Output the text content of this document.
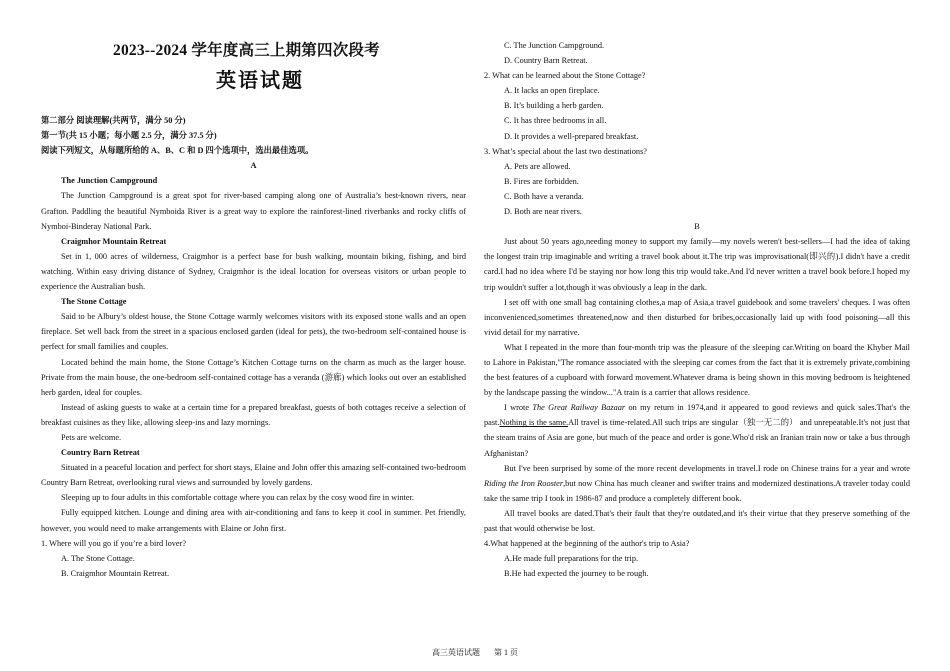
2023--2024 学年度高三上期第四次段考
英语试题

第二部分 阅读理解(共两节，满分 50 分)

第一节(共 15 小题；每小题 2.5 分，满分 37.5 分)

阅读下列短文，从每题所给的 A、B、C 和 D 四个选项中，选出最佳选项。

A

The Junction Campground

The Junction Campground is a great spot for river-based camping along one of Australia’s best-known rivers, near Grafton. Paddling the beautiful Nymboida River is a great way to explore the rainforest-lined riverbanks and rocky cliffs of Nymboi-Binderay National Park.

Craigmhor Mountain Retreat

Set in 1, 000 acres of wilderness, Craigmhor is a perfect base for bush walking, mountain biking, fishing, and bird watching. Within easy driving distance of Sydney, Craigmhor is the ideal location for overseas visitors or urban people to experience the Australian bush.

The Stone Cottage

Said to be Albury’s oldest house, the Stone Cottage warmly welcomes visitors with its exposed stone walls and an open fireplace. Set well back from the street in a spacious enclosed garden (ideal for pets), the two-bedroom self-contained house is perfect for small families and couples.

Located behind the main home, the Stone Cottage’s Kitchen Cottage turns on the charm as much as the larger house. Private from the main house, the one-bedroom self-contained cottage has a veranda (游廊) which looks out over an established herb garden, ideal for couples.

Instead of asking guests to wake at a certain time for a prepared breakfast, guests of both cottages receive a selection of breakfast cuisines as they like, allowing sleep-ins and lazy mornings.

Pets are welcome.

Country Barn Retreat

Situated in a peaceful location and perfect for short stays, Elaine and John offer this amazing self-contained two-bedroom Country Barn Retreat, overlooking rural views and surrounded by lovely gardens.

Sleeping up to four adults in this comfortable cottage where you can relax by the cosy wood fire in winter.

Fully equipped kitchen. Lounge and dining area with air-conditioning and fans to keep it cool in summer. Pet friendly, however, you would need to make arrangements with Elaine or John first.

1. Where will you go if you’re a bird lover?

A. The Stone Cottage.

B. Craigmhor Mountain Retreat.

C. The Junction Campground.

D. Country Barn Retreat.

2. What can be learned about the Stone Cottage?

A. It lacks an open fireplace.

B. It’s building a herb garden.

C. It has three bedrooms in all.

D. It provides a well-prepared breakfast.

3. What’s special about the last two destinations?

A. Pets are allowed.

B. Fires are forbidden.

C. Both have a veranda.

D. Both are near rivers.

B

Just about 50 years ago,needing money to support my family—my novels weren't best-sellers—I had the idea of taking the longest train trip imaginable and writing a travel book about it.The trip was improvisational(即兴的).I didn't have a credit card.I had no idea where I'd be staying nor how long this trip would take.And I'd never written a travel book before.I hoped my trip wouldn't suffer a lot,though it was obviously a leap in the dark.

I set off with one small bag containing clothes,a map of Asia,a travel guidebook and some travelers' cheques. I was often inconvenienced,sometimes threatened,now and then disturbed for bribes,occasionally laid up with food poisoning—all this vivid detail for my narrative.

What I repeated in the more than four-month trip was the pleasure of the sleeping car.Writing on board the Khyber Mail to Lahore in Pakistan,"The romance associated with the sleeping car comes from the fact that it is extremely private,combining the best features of a cupboard with forward movement.Whatever drama is being shown in this moving bedroom is heightened by the landscape passing the window..."A train is a carrier that allows residence.

I wrote The Great Railway Bazaar on my return in 1974,and it appeared to good reviews and quick sales.That's the past.Nothing is the same.All travel is time-related.All such trips are singular（独一无二的） and unrepeatable.It's not just that the steam trains of Asia are gone, but much of the peace and order is gone.Who'd risk an Iranian train now or take a bus through Afghanistan?

But I've been surprised by some of the more recent developments in travel.I rode on Chinese trains for a year and wrote Riding the Iron Rooster,but now China has much cleaner and swifter trains and modernized destinations.A traveler today could take the same trip I took in 1986-87 and produce a completely different book.

All travel books are dated.That's their fault that they're outdated,and it's their virtue that they preserve something of the past that would otherwise be lost.

4.What happened at the beginning of the author's trip to Asia?

A.He made full preparations for the trip.

B.He had expected the journey to be rough.

高三英语试题 第 1 页
